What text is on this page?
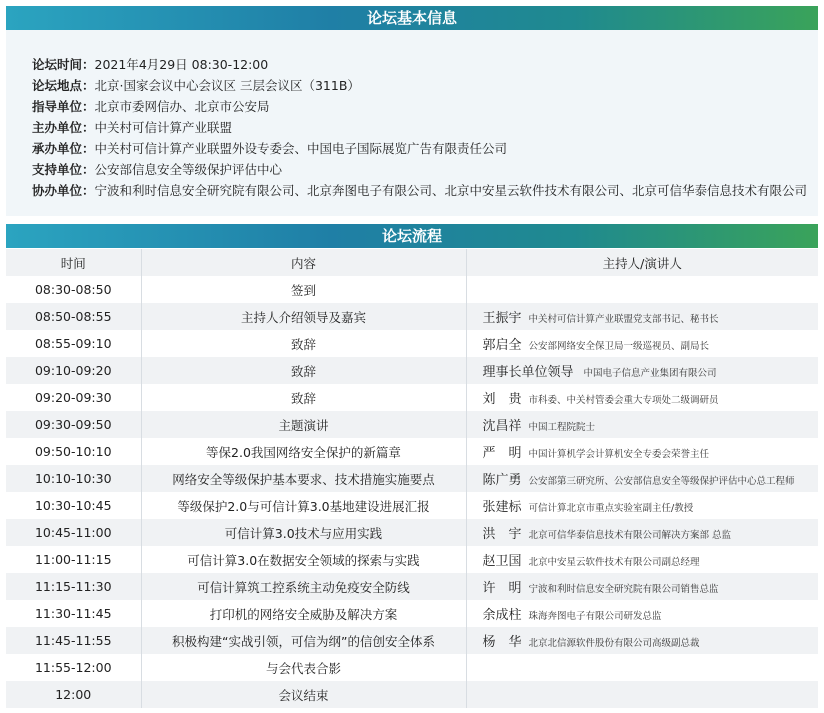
论坛基本信息
论坛时间：2021年4月29日 08:30-12:00
论坛地点：北京·国家会议中心会议区 三层会议区（311B）
指导单位：北京市委网信办、北京市公安局
主办单位：中关村可信计算产业联盟
承办单位：中关村可信计算产业联盟外设专委会、中国电子国际展览广告有限责任公司
支持单位：公安部信息安全等级保护评估中心
协办单位：宁波和利时信息安全研究院有限公司、北京奔图电子有限公司、北京中安星云软件技术有限公司、北京可信华泰信息技术有限公司
论坛流程
时间	内容	主持人/演讲人
08:30-08:50	签到	
08:50-08:55	主持人介绍领导及嘉宾	王振宇 中关村可信计算产业联盟党支部书记、秘书长
08:55-09:10	致辞	郭启全 公安部网络安全保卫局一级巡视员、副局长
09:10-09:20	致辞	理事长单位领导 中国电子信息产业集团有限公司
09:20-09:30	致辞	刘　贵 市科委、中关村管委会重大专项处二级调研员
09:30-09:50	主题演讲	沈昌祥 中国工程院院士
09:50-10:10	等保2.0我国网络安全保护的新篇章	严　明 中国计算机学会计算机安全专委会荣誉主任
10:10-10:30	网络安全等级保护基本要求、技术措施实施要点	陈广勇 公安部第三研究所、公安部信息安全等级保护评估中心总工程师
10:30-10:45	等级保护2.0与可信计算3.0基地建设进展汇报	张建标 可信计算北京市重点实验室副主任/教授
10:45-11:00	可信计算3.0技术与应用实践	洪　宇 北京可信华泰信息技术有限公司解决方案部 总监
11:00-11:15	可信计算3.0在数据安全领域的探索与实践	赵卫国 北京中安星云软件技术有限公司副总经理
11:15-11:30	可信计算筑工控系统主动免疫安全防线	许　明 宁波和利时信息安全研究院有限公司销售总监
11:30-11:45	打印机的网络安全威胁及解决方案	余成柱 珠海奔图电子有限公司研发总监
11:45-11:55	积极构建“实战引领，可信为纲”的信创安全体系	杨　华 北京北信源软件股份有限公司高级副总裁
11:55-12:00	与会代表合影	
12:00	会议结束	
